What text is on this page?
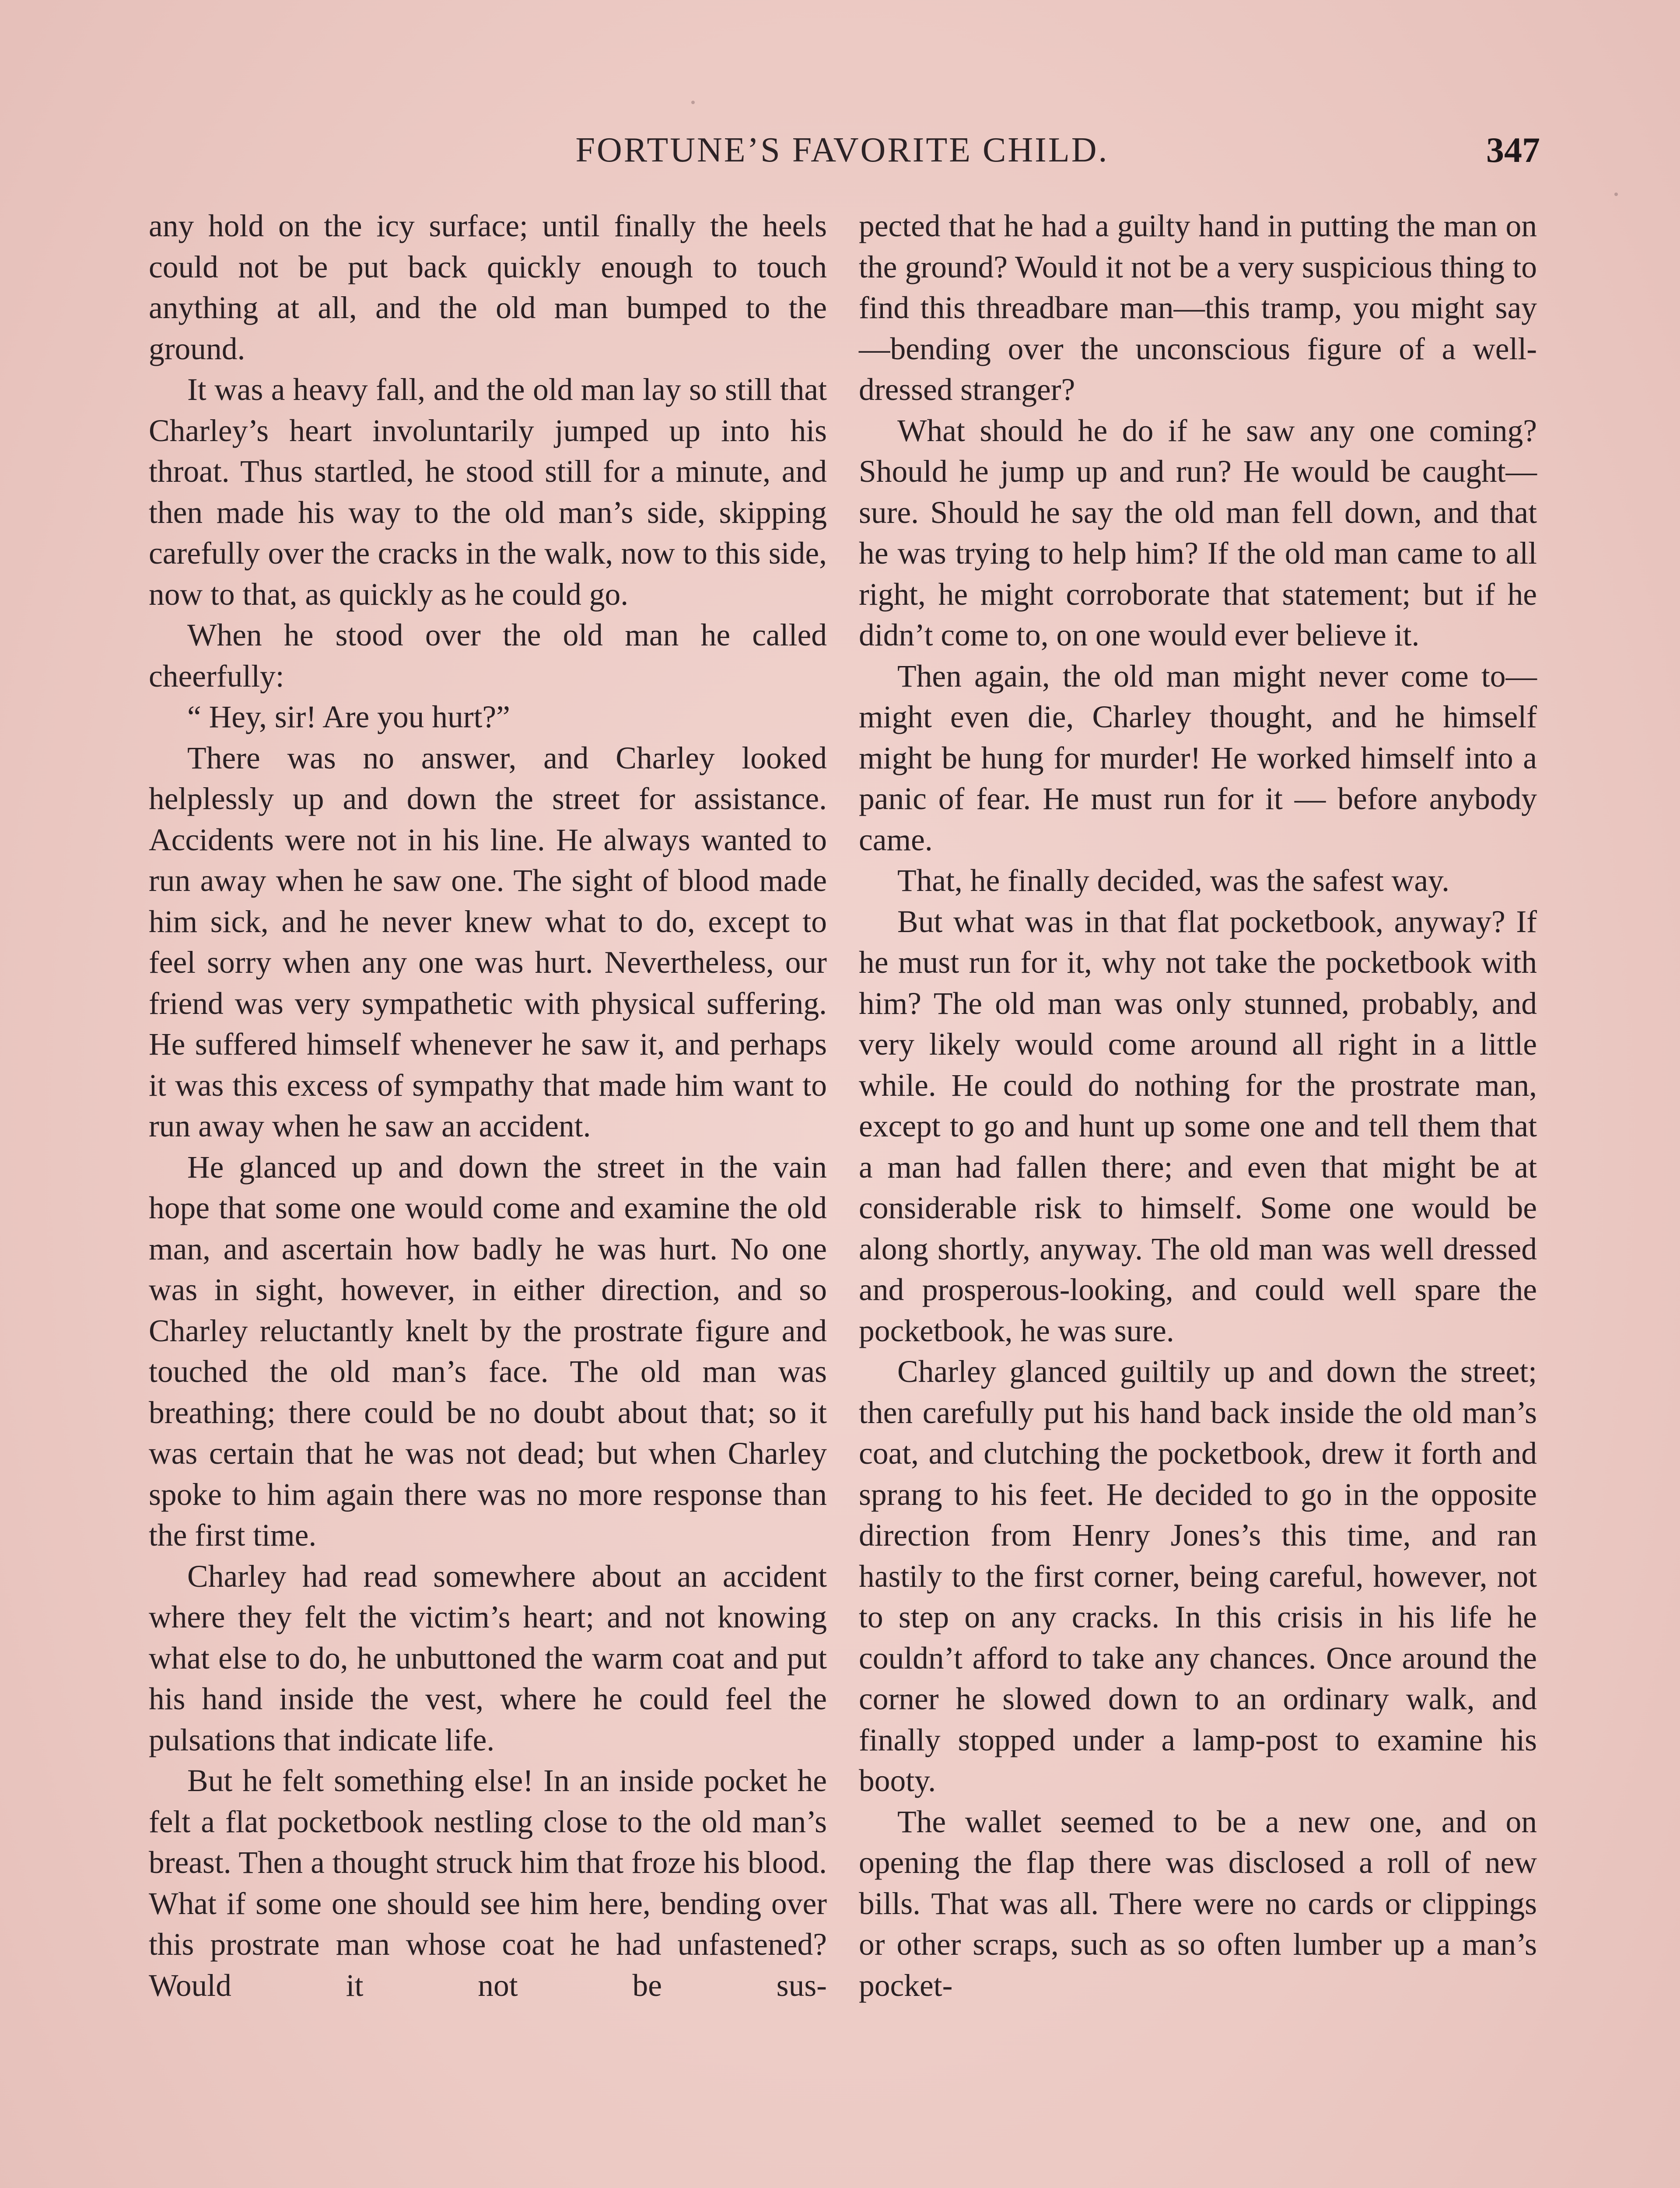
FORTUNE’S FAVORITE CHILD.	347

any hold on the icy surface; until finally the heels could not be put back quickly enough to touch anything at all, and the old man bumped to the ground.

It was a heavy fall, and the old man lay so still that Charley’s heart involuntarily jumped up into his throat. Thus startled, he stood still for a minute, and then made his way to the old man’s side, skipping carefully over the cracks in the walk, now to this side, now to that, as quickly as he could go.

When he stood over the old man he called cheerfully:

“ Hey, sir! Are you hurt?”

There was no answer, and Charley looked helplessly up and down the street for assistance. Accidents were not in his line. He always wanted to run away when he saw one. The sight of blood made him sick, and he never knew what to do, except to feel sorry when any one was hurt. Nevertheless, our friend was very sympathetic with physical suffering. He suffered himself whenever he saw it, and perhaps it was this excess of sympathy that made him want to run away when he saw an accident.

He glanced up and down the street in the vain hope that some one would come and examine the old man, and ascertain how badly he was hurt. No one was in sight, however, in either direction, and so Charley reluctantly knelt by the prostrate figure and touched the old man’s face. The old man was breathing; there could be no doubt about that; so it was certain that he was not dead; but when Charley spoke to him again there was no more response than the first time.

Charley had read somewhere about an accident where they felt the victim’s heart; and not knowing what else to do, he unbuttoned the warm coat and put his hand inside the vest, where he could feel the pulsations that indicate life.

But he felt something else! In an inside pocket he felt a flat pocketbook nestling close to the old man’s breast. Then a thought struck him that froze his blood. What if some one should see him here, bending over this prostrate man whose coat he had unfastened? Would it not be sus-

pected that he had a guilty hand in putting the man on the ground? Would it not be a very suspicious thing to find this threadbare man—this tramp, you might say—bending over the unconscious figure of a well-dressed stranger?

What should he do if he saw any one coming? Should he jump up and run? He would be caught—sure. Should he say the old man fell down, and that he was trying to help him? If the old man came to all right, he might corroborate that statement; but if he didn’t come to, on one would ever believe it.

Then again, the old man might never come to—might even die, Charley thought, and he himself might be hung for murder! He worked himself into a panic of fear. He must run for it — before anybody came.

That, he finally decided, was the safest way.

But what was in that flat pocketbook, anyway? If he must run for it, why not take the pocketbook with him? The old man was only stunned, probably, and very likely would come around all right in a little while. He could do nothing for the prostrate man, except to go and hunt up some one and tell them that a man had fallen there; and even that might be at considerable risk to himself. Some one would be along shortly, anyway. The old man was well dressed and prosperous-looking, and could well spare the pocketbook, he was sure.

Charley glanced guiltily up and down the street; then carefully put his hand back inside the old man’s coat, and clutching the pocketbook, drew it forth and sprang to his feet. He decided to go in the opposite direction from Henry Jones’s this time, and ran hastily to the first corner, being careful, however, not to step on any cracks. In this crisis in his life he couldn’t afford to take any chances. Once around the corner he slowed down to an ordinary walk, and finally stopped under a lamp-post to examine his booty.

The wallet seemed to be a new one, and on opening the flap there was disclosed a roll of new bills. That was all. There were no cards or clippings or other scraps, such as so often lumber up a man’s pocket-
